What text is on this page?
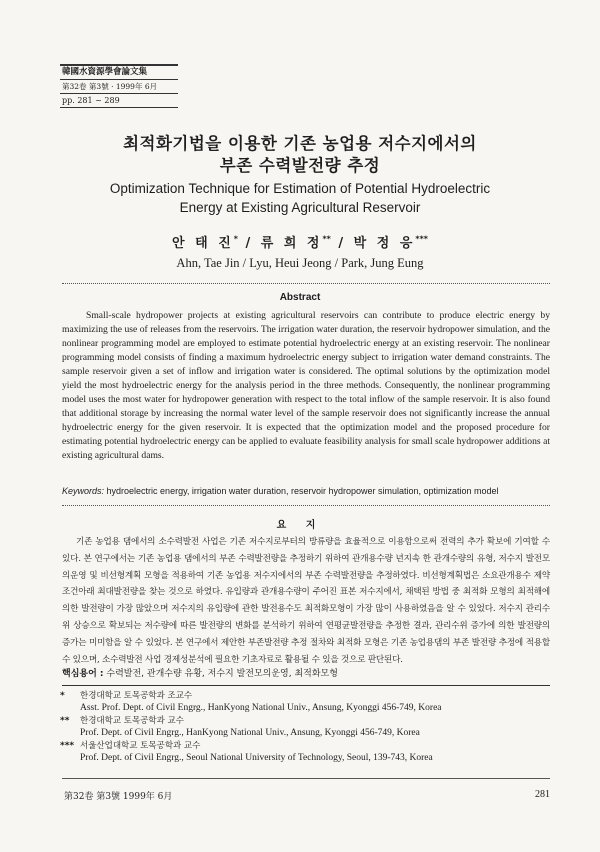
韓國水資源學會論文集
第32卷 第3號 · 1999年 6月
pp. 281 ~ 289
최적화기법을 이용한 기존 농업용 저수지에서의
부존 수력발전량 추정
Optimization Technique for Estimation of Potential Hydroelectric
Energy at Existing Agricultural Reservoir
안 태 진* / 류 희 정** / 박 정 응***
Ahn, Tae Jin / Lyu, Heui Jeong / Park, Jung Eung
Abstract

Small-scale hydropower projects at existing agricultural reservoirs can contribute to produce electric energy by maximizing the use of releases from the reservoirs. The irrigation water duration, the reservoir hydropower simulation, and the nonlinear programming model are employed to estimate potential hydroelectric energy at an existing reservoir. The nonlinear programming model consists of finding a maximum hydroelectric energy subject to irrigation water demand constraints. The sample reservoir given a set of inflow and irrigation water is considered. The optimal solutions by the optimization model yield the most hydroelectric energy for the analysis period in the three methods. Consequently, the nonlinear programming model uses the most water for hydropower generation with respect to the total inflow of the sample reservoir. It is also found that additional storage by increasing the normal water level of the sample reservoir does not significantly increase the annual hydroelectric energy for the given reservoir. It is expected that the optimization model and the proposed procedure for estimating potential hydroelectric energy can be applied to evaluate feasibility analysis for small scale hydropower additions at existing agricultural dams.

Keywords: hydroelectric energy, irrigation water duration, reservoir hydropower simulation, optimization model
요 지

기존 농업용 댐에서의 소수력발전 사업은 기존 저수지로부터의 방류량을 효율적으로 이용함으로써 전력의 추가 확보에 기여할 수 있다. 본 연구에서는 기존 농업용 댐에서의 부존 수력발전량을 추정하기 위하여 관개용수량 년지속 한 관개수량의 유형, 저수지 발전모의운영 및 비선형계획 모형을 적용하여 기존 농업용 저수지에서의 부존 수력발전량을 추정하였다. 비선형계획법은 소요관개용수 제약조건아래 최대발전량을 찾는 것으로 하였다. 유입량과 관개용수량이 주어진 표본 저수지에서, 채택된 방법 중 최적화 모형의 최적해에 의한 발전량이 가장 많았으며 저수지의 유입량에 관한 발전용수도 최적화모형이 가장 많이 사용하였음을 알 수 있었다. 저수지 관리수위 상승으로 확보되는 저수량에 따른 발전량의 변화를 분석하기 위하여 연평균발전량을 추정한 결과, 관리수위 증가에 의한 발전량의 증가는 미미함을 알 수 있었다. 본 연구에서 제안한 부존발전량 추정 절차와 최적화 모형은 기존 농업용댐의 부존 발전량 추정에 적용할 수 있으며, 소수력발전 사업 경제성분석에 필요한 기초자료로 활용될 수 있을 것으로 판단된다.

핵심용어 : 수력발전, 관개수량 유황, 저수지 발전모의운영, 최적화모형
*	한경대학교 토목공학과 조교수
Asst. Prof. Dept. of Civil Engrg., HanKyong National Univ., Ansung, Kyonggi 456-749, Korea
**	한경대학교 토목공학과 교수
Prof. Dept. of Civil Engrg., HanKyong National Univ., Ansung, Kyonggi 456-749, Korea
*** 서울산업대학교 토목공학과 교수
Prof. Dept. of Civil Engrg., Seoul National University of Technology, Seoul, 139-743, Korea
第32卷 第3號 1999年 6月	281
